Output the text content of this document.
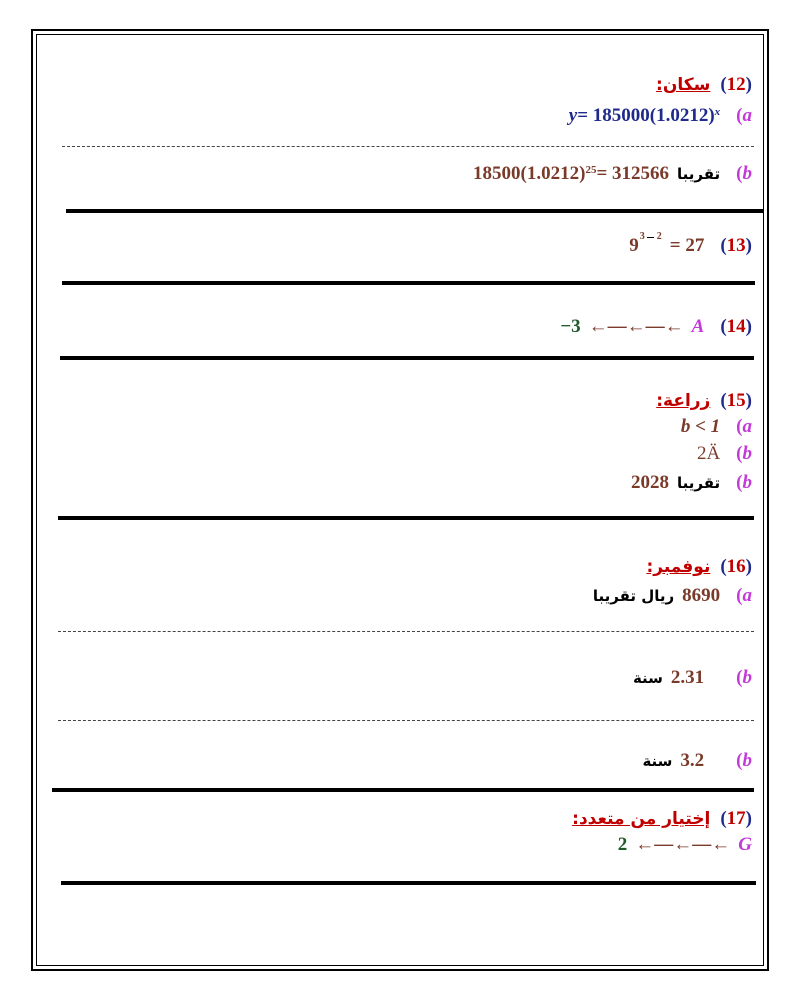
سكان: ( 12 )
$y = 185000(1.0212)^x$ ( a
$18500(1.0212)^{25} = 312566$ تقريبا ( b
9 3 2 = 27 ( 13 )
−3 ←—←—← A ( 14 )
زراعة: ( 15 )
b < 1 ( a
2Ä ( b
2028 تقريبا ( b
نوفمبر: ( 16 )
ريال تقريبا 8690 ( a
سنة 2.31 ( b
سنة 3.2 ( b
إختيار من متعدد: ( 17 )
2 ←—←—← G
